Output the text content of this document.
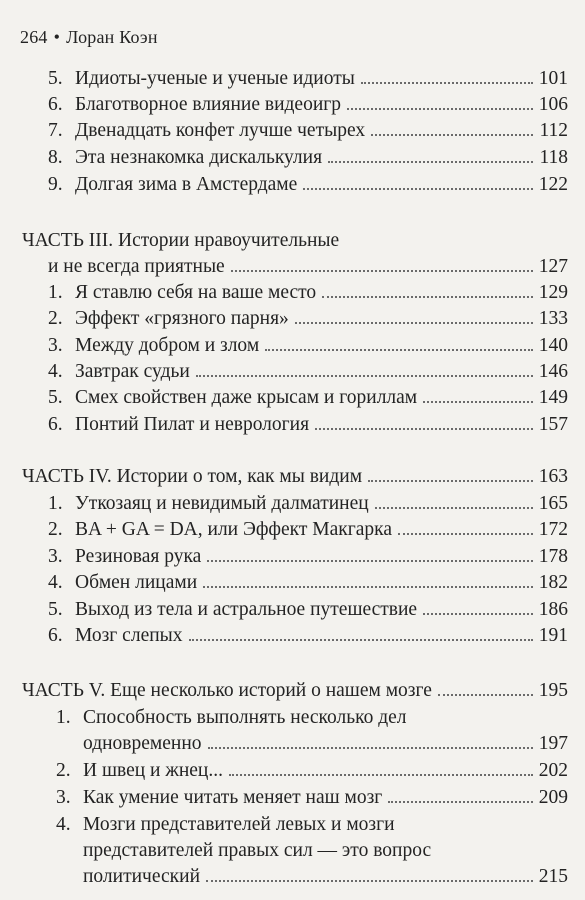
264 • Лоран Коэн
5. Идиоты-ученые и ученые идиоты	101
6. Благотворное влияние видеоигр	106
7. Двенадцать конфет лучше четырех	112
8. Эта незнакомка дискалькулия	118
9. Долгая зима в Амстердаме	122
ЧАСТЬ III. Истории нравоучительные
и не всегда приятные	127
1. Я ставлю себя на ваше место	129
2. Эффект «грязного парня»	133
3. Между добром и злом	140
4. Завтрак судьи	146
5. Смех свойствен даже крысам и гориллам	149
6. Понтий Пилат и неврология	157
ЧАСТЬ IV. Истории о том, как мы видим	163
1. Уткозаяц и невидимый далматинец	165
2. BA + GA = DA, или Эффект Макгарка	172
3. Резиновая рука	178
4. Обмен лицами	182
5. Выход из тела и астральное путешествие	186
6. Мозг слепых	191
ЧАСТЬ V. Еще несколько историй о нашем мозге	195
1. Способность выполнять несколько дел
одновременно	197
2. И швец и жнец...	202
3. Как умение читать меняет наш мозг	209
4. Мозги представителей левых и мозги
представителей правых сил — это вопрос
политический	215
